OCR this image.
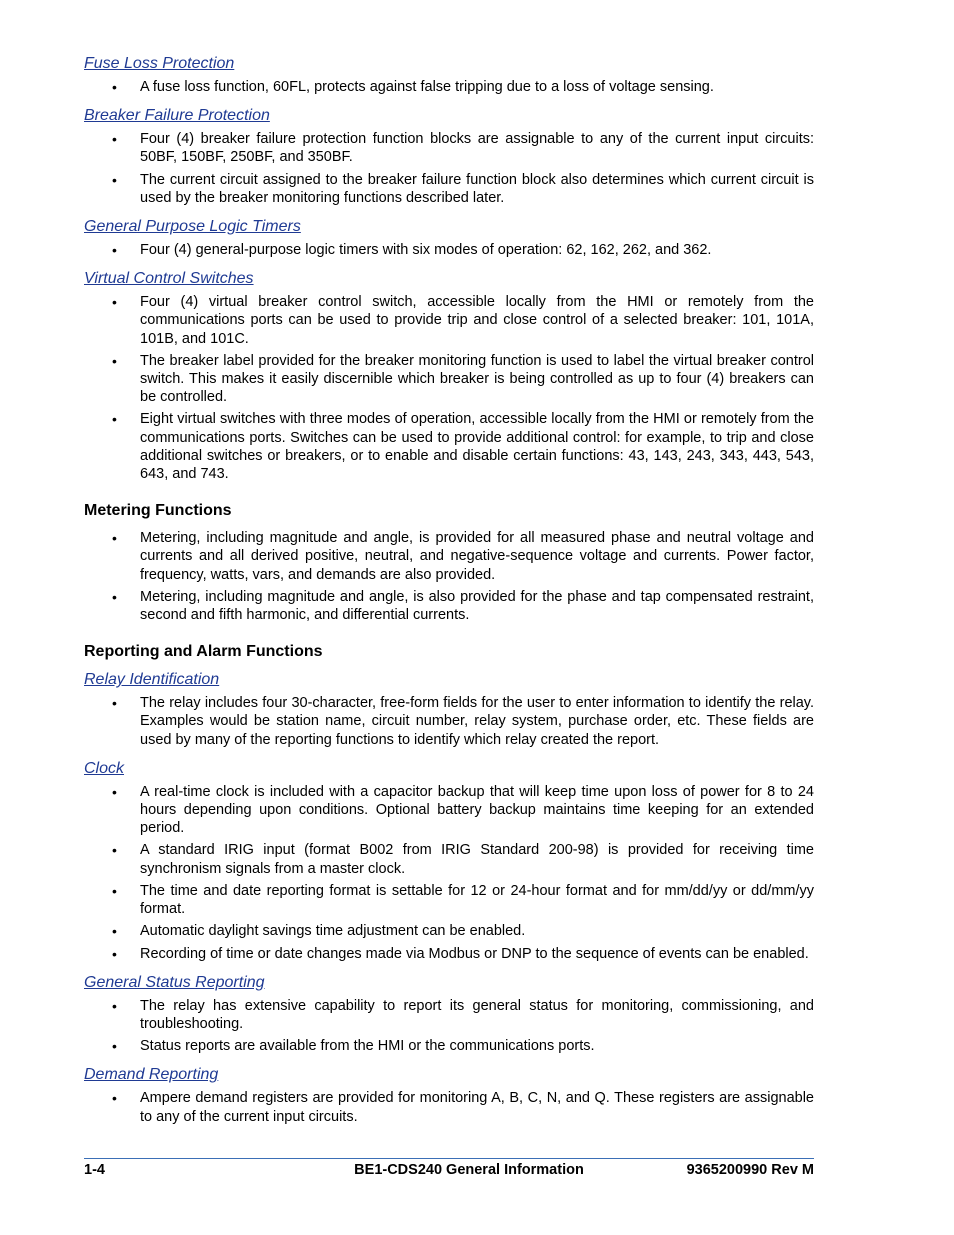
Fuse Loss Protection
• A fuse loss function, 60FL, protects against false tripping due to a loss of voltage sensing.
Breaker Failure Protection
• Four (4) breaker failure protection function blocks are assignable to any of the current input circuits: 50BF, 150BF, 250BF, and 350BF.
• The current circuit assigned to the breaker failure function block also determines which current circuit is used by the breaker monitoring functions described later.
General Purpose Logic Timers
• Four (4) general-purpose logic timers with six modes of operation: 62, 162, 262, and 362.
Virtual Control Switches
• Four (4) virtual breaker control switch, accessible locally from the HMI or remotely from the communications ports can be used to provide trip and close control of a selected breaker: 101, 101A, 101B, and 101C.
• The breaker label provided for the breaker monitoring function is used to label the virtual breaker control switch. This makes it easily discernible which breaker is being controlled as up to four (4) breakers can be controlled.
• Eight virtual switches with three modes of operation, accessible locally from the HMI or remotely from the communications ports. Switches can be used to provide additional control: for example, to trip and close additional switches or breakers, or to enable and disable certain functions: 43, 143, 243, 343, 443, 543, 643, and 743.
Metering Functions
• Metering, including magnitude and angle, is provided for all measured phase and neutral voltage and currents and all derived positive, neutral, and negative-sequence voltage and currents. Power factor, frequency, watts, vars, and demands are also provided.
• Metering, including magnitude and angle, is also provided for the phase and tap compensated restraint, second and fifth harmonic, and differential currents.
Reporting and Alarm Functions
Relay Identification
• The relay includes four 30-character, free-form fields for the user to enter information to identify the relay. Examples would be station name, circuit number, relay system, purchase order, etc. These fields are used by many of the reporting functions to identify which relay created the report.
Clock
• A real-time clock is included with a capacitor backup that will keep time upon loss of power for 8 to 24 hours depending upon conditions. Optional battery backup maintains time keeping for an extended period.
• A standard IRIG input (format B002 from IRIG Standard 200-98) is provided for receiving time synchronism signals from a master clock.
• The time and date reporting format is settable for 12 or 24-hour format and for mm/dd/yy or dd/mm/yy format.
• Automatic daylight savings time adjustment can be enabled.
• Recording of time or date changes made via Modbus or DNP to the sequence of events can be enabled.
General Status Reporting
• The relay has extensive capability to report its general status for monitoring, commissioning, and troubleshooting.
• Status reports are available from the HMI or the communications ports.
Demand Reporting
• Ampere demand registers are provided for monitoring A, B, C, N, and Q. These registers are assignable to any of the current input circuits.
1-4	BE1-CDS240 General Information	9365200990 Rev M
